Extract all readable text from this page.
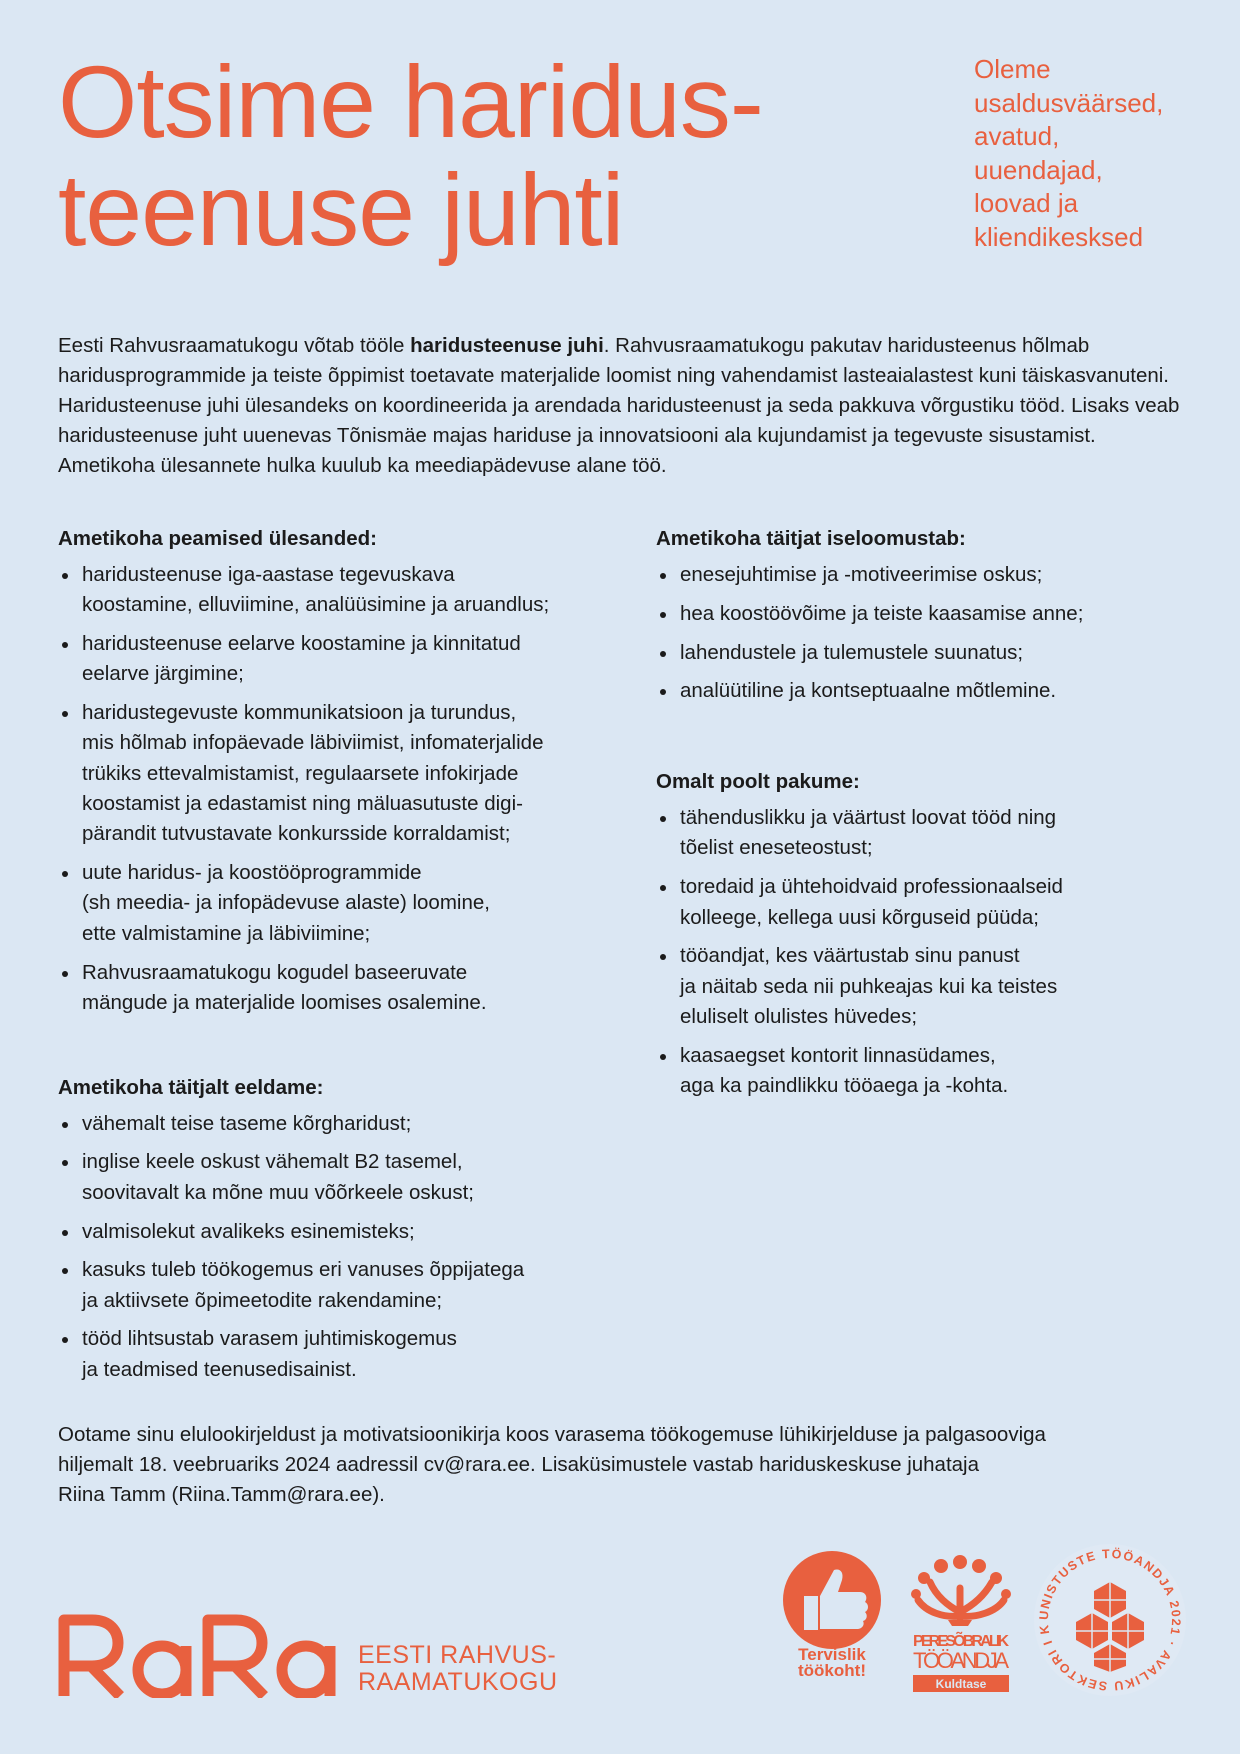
Otsime haridus-
teenuse juhti
Oleme
usaldusväärsed,
avatud,
uuendajad,
loovad ja
kliendikesksed

Eesti Rahvusraamatukogu võtab tööle haridusteenuse juhi. Rahvusraamatukogu pakutav haridusteenus hõlmab haridusprogrammide ja teiste õppimist toetavate materjalide loomist ning vahendamist lasteaialastest kuni täiskasvanuteni. Haridusteenuse juhi ülesandeks on koordineerida ja arendada haridusteenust ja seda pakkuva võrgustiku tööd. Lisaks veab haridusteenuse juht uuenevas Tõnismäe majas hariduse ja innovatsiooni ala kujundamist ja tegevuste sisustamist. Ametikoha ülesannete hulka kuulub ka meediapädevuse alane töö.

Ametikoha peamised ülesanded:
haridusteenuse iga-aastase tegevuskava
koostamine, elluviimine, analüüsimine ja aruandlus;
haridusteenuse eelarve koostamine ja kinnitatud
eelarve järgimine;
haridustegevuste kommunikatsioon ja turundus,
mis hõlmab infopäevade läbiviimist, infomaterjalide
trükiks ettevalmistamist, regulaarsete infokirjade
koostamist ja edastamist ning mäluasutuste digi-
pärandit tutvustavate konkursside korraldamist;
uute haridus- ja koostööprogrammide
(sh meedia- ja infopädevuse alaste) loomine,
ette valmistamine ja läbiviimine;
Rahvusraamatukogu kogudel baseeruvate
mängude ja materjalide loomises osalemine.
Ametikoha täitjalt eeldame:
vähemalt teise taseme kõrgharidust;
inglise keele oskust vähemalt B2 tasemel,
soovitavalt ka mõne muu võõrkeele oskust;
valmisolekut avalikeks esinemisteks;
kasuks tuleb töökogemus eri vanuses õppijatega
ja aktiivsete õpimeetodite rakendamine;
tööd lihtsustab varasem juhtimiskogemus
ja teadmised teenusedisainist.
Ametikoha täitjat iseloomustab:
enesejuhtimise ja -motiveerimise oskus;
hea koostöövõime ja teiste kaasamise anne;
lahendustele ja tulemustele suunatus;
analüütiline ja kontseptuaalne mõtlemine.
Omalt poolt pakume:
tähenduslikku ja väärtust loovat tööd ning
tõelist eneseteostust;
toredaid ja ühtehoidvaid professionaalseid
kolleege, kellega uusi kõrguseid püüda;
tööandjat, kes väärtustab sinu panust
ja näitab seda nii puhkeajas kui ka teistes
eluliselt olulistes hüvedes;
kaasaegset kontorit linnasüdames,
aga ka paindlikku tööaega ja -kohta.

Ootame sinu elulookirjeldust ja motivatsioonikirja koos varasema töökogemuse lühikirjelduse ja palgasooviga
hiljemalt 18. veebruariks 2024 aadressil cv@rara.ee. Lisaküsimustele vastab hariduskeskuse juhataja
Riina Tamm (Riina.Tamm@rara.ee).

EESTI RAHVUS-
RAAMATUKOGU
Tervislik
töökoht!
PERESÕBRALIK
TÖÖANDJA
Kuldtase
UNISTUSTE TÖÖANDJA 2021 · AVALIKU SEKTORI I K
